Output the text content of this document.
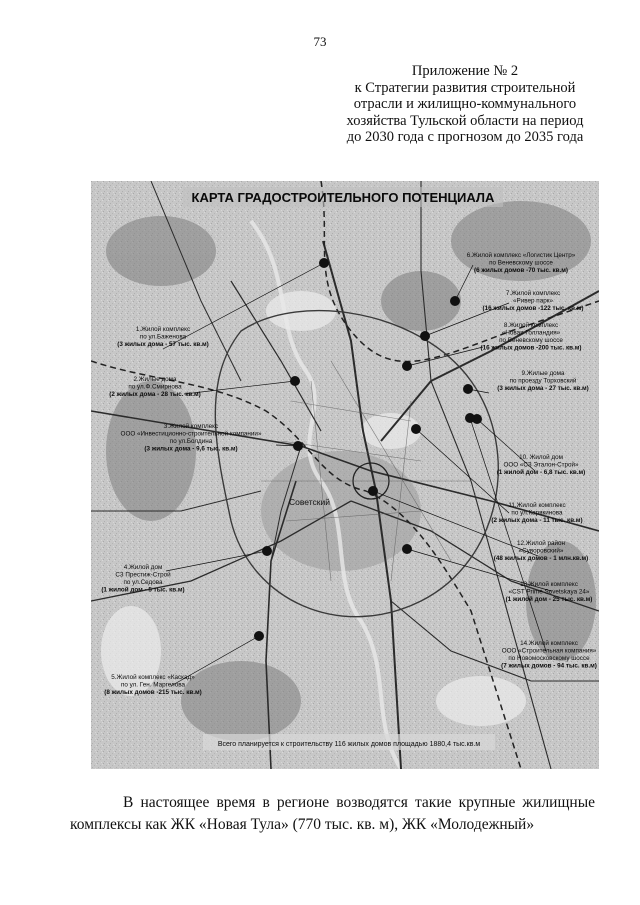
73
Приложение № 2
к Стратегии развития строительной
отрасли и жилищно-коммунального
хозяйства Тульской области на период
до 2030 года с прогнозом до 2035 года
КАРТА ГРАДОСТРОИТЕЛЬНОГО ПОТЕНЦИАЛА
Советский
1.Жилой комплекс по ул.Баженова (3 жилых дома - 57 тыс. кв.м)
2.Жилые дома по ул.Ф.Смирнова (2 жилых дома - 28 тыс. кв.м)
3.Жилой комплекс ООО «Инвестиционно-строительной компании» по ул.Болдина (3 жилых дома - 9,6 тыс. кв.м)
4.Жилой дом СЗ Престиж-Строй по ул.Седова (1 жилой дом - 5 тыс. кв.м)
5.Жилой комплекс «Каскад» по ул. Ген. Маргелова (8 жилых домов -215 тыс. кв.м)
6.Жилой комплекс «Логистик Центр» по Веневскому шоссе (6 жилых домов -70 тыс. кв.м)
7.Жилой комплекс «Ривер парк» (16 жилых домов -122 тыс. кв.м)
8.Жилой комплекс «Новая Голландия» по Веневскому шоссе (16 жилых домов -200 тыс. кв.м)
9.Жилые дома по проезду Торховский (3 жилых дома - 27 тыс. кв.м)
10. Жилой дом ООО «СЗ Эталон-Строй» (1 жилой дом - 6,8 тыс. кв.м)
11.Жилой комплекс по ул.Карякинова (2 жилых дома - 11 тыс. кв.м)
12.Жилой район «Суворовский» (48 жилых домов - 1 млн.кв.м)
13.Жилой комплекс «CST Prime Sovetskaya 24» (1 жилой дом - 25 тыс. кв.м)
14.Жилой комплекс ООО «Строительная компания» по Новомосковскому шоссе (7 жилых домов - 94 тыс. кв.м)
Всего планируется к строительству 116 жилых домов площадью 1880,4 тыс.кв.м
В настоящее время в регионе возводятся такие крупные жилищные комплексы как ЖК «Новая Тула» (770 тыс. кв. м), ЖК «Молодежный»
